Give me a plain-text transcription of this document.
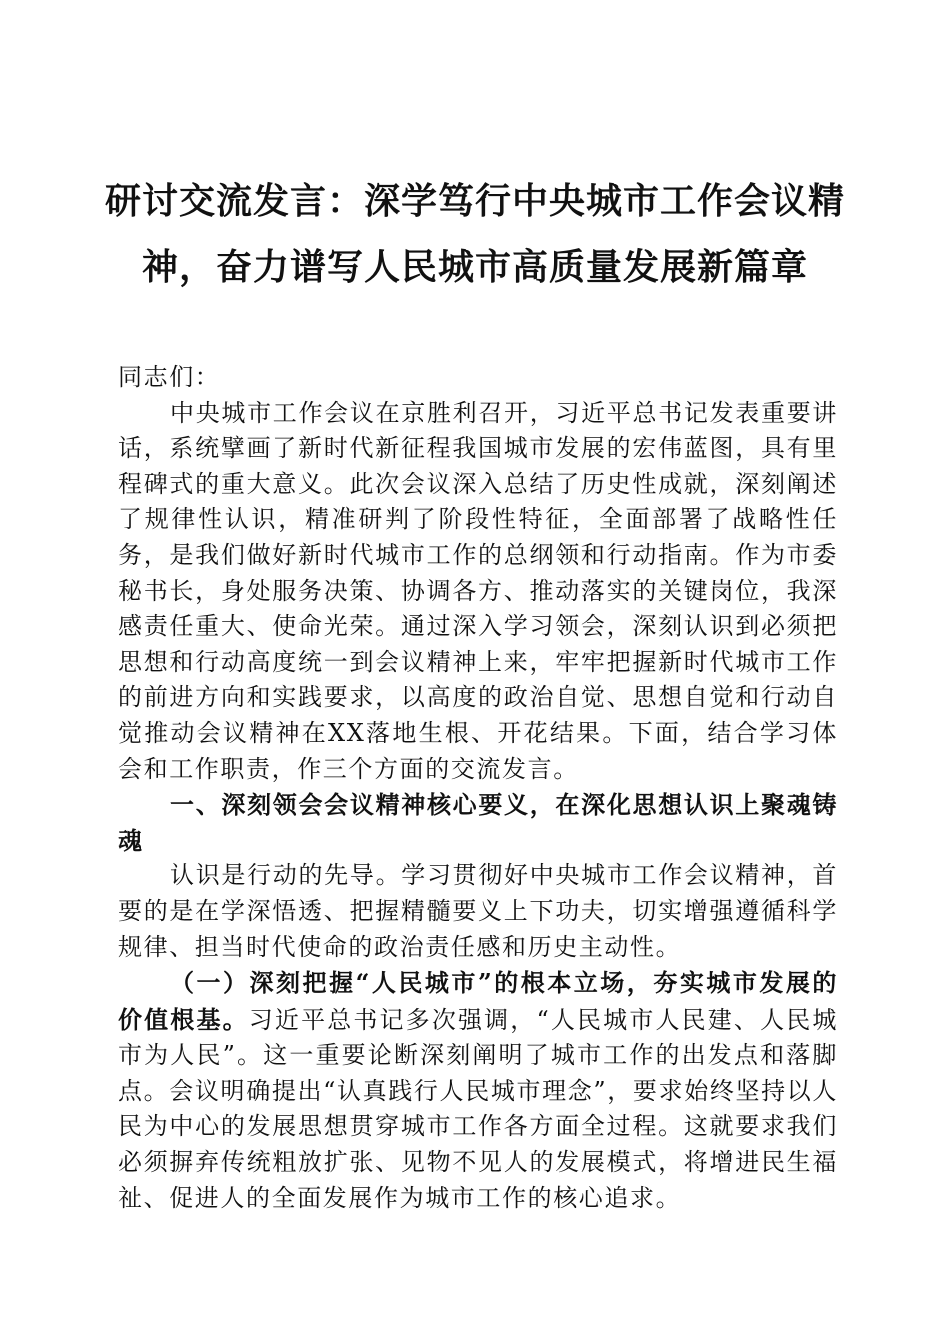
研讨交流发言：深学笃行中央城市工作会议精神，奋力谱写人民城市高质量发展新篇章

同志们：

中央城市工作会议在京胜利召开，习近平总书记发表重要讲话，系统擘画了新时代新征程我国城市发展的宏伟蓝图，具有里程碑式的重大意义。此次会议深入总结了历史性成就，深刻阐述了规律性认识，精准研判了阶段性特征，全面部署了战略性任务，是我们做好新时代城市工作的总纲领和行动指南。作为市委秘书长，身处服务决策、协调各方、推动落实的关键岗位，我深感责任重大、使命光荣。通过深入学习领会，深刻认识到必须把思想和行动高度统一到会议精神上来，牢牢把握新时代城市工作的前进方向和实践要求，以高度的政治自觉、思想自觉和行动自觉推动会议精神在XX落地生根、开花结果。下面，结合学习体会和工作职责，作三个方面的交流发言。

一、深刻领会会议精神核心要义，在深化思想认识上聚魂铸魂

认识是行动的先导。学习贯彻好中央城市工作会议精神，首要的是在学深悟透、把握精髓要义上下功夫，切实增强遵循科学规律、担当时代使命的政治责任感和历史主动性。

（一）深刻把握“人民城市”的根本立场，夯实城市发展的价值根基。习近平总书记多次强调，“人民城市人民建、人民城市为人民”。这一重要论断深刻阐明了城市工作的出发点和落脚点。会议明确提出“认真践行人民城市理念”，要求始终坚持以人民为中心的发展思想贯穿城市工作各方面全过程。这就要求我们必须摒弃传统粗放扩张、见物不见人的发展模式，将增进民生福祉、促进人的全面发展作为城市工作的核心追求。
